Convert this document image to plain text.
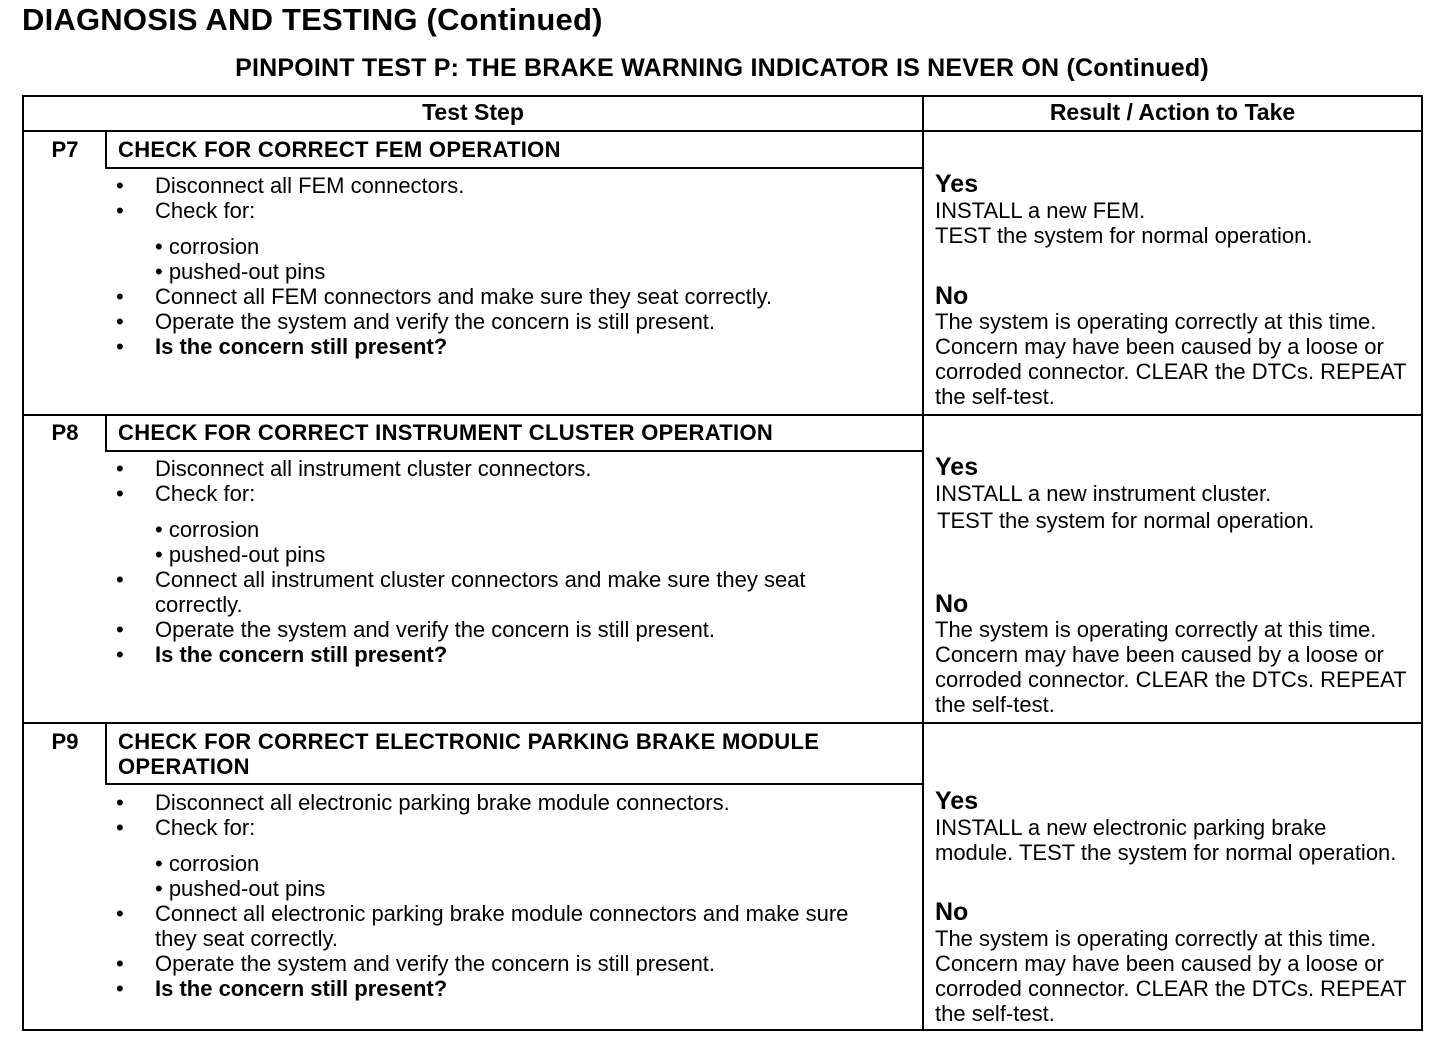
DIAGNOSIS AND TESTING (Continued)
PINPOINT TEST P: THE BRAKE WARNING INDICATOR IS NEVER ON (Continued)
Test Step	Result / Action to Take
P7	CHECK FOR CORRECT FEM OPERATION
• Disconnect all FEM connectors.
• Check for:
• corrosion
• pushed-out pins
• Connect all FEM connectors and make sure they seat correctly.
• Operate the system and verify the concern is still present.
• Is the concern still present?
Yes
INSTALL a new FEM.
TEST the system for normal operation.
No
The system is operating correctly at this time. Concern may have been caused by a loose or corroded connector. CLEAR the DTCs. REPEAT the self-test.
P8	CHECK FOR CORRECT INSTRUMENT CLUSTER OPERATION
• Disconnect all instrument cluster connectors.
• Check for:
• corrosion
• pushed-out pins
• Connect all instrument cluster connectors and make sure they seat correctly.
• Operate the system and verify the concern is still present.
• Is the concern still present?
Yes
INSTALL a new instrument cluster.
TEST the system for normal operation.
No
The system is operating correctly at this time. Concern may have been caused by a loose or corroded connector. CLEAR the DTCs. REPEAT the self-test.
P9	CHECK FOR CORRECT ELECTRONIC PARKING BRAKE MODULE OPERATION
• Disconnect all electronic parking brake module connectors.
• Check for:
• corrosion
• pushed-out pins
• Connect all electronic parking brake module connectors and make sure they seat correctly.
• Operate the system and verify the concern is still present.
• Is the concern still present?
Yes
INSTALL a new electronic parking brake module. TEST the system for normal operation.
No
The system is operating correctly at this time. Concern may have been caused by a loose or corroded connector. CLEAR the DTCs. REPEAT the self-test.
